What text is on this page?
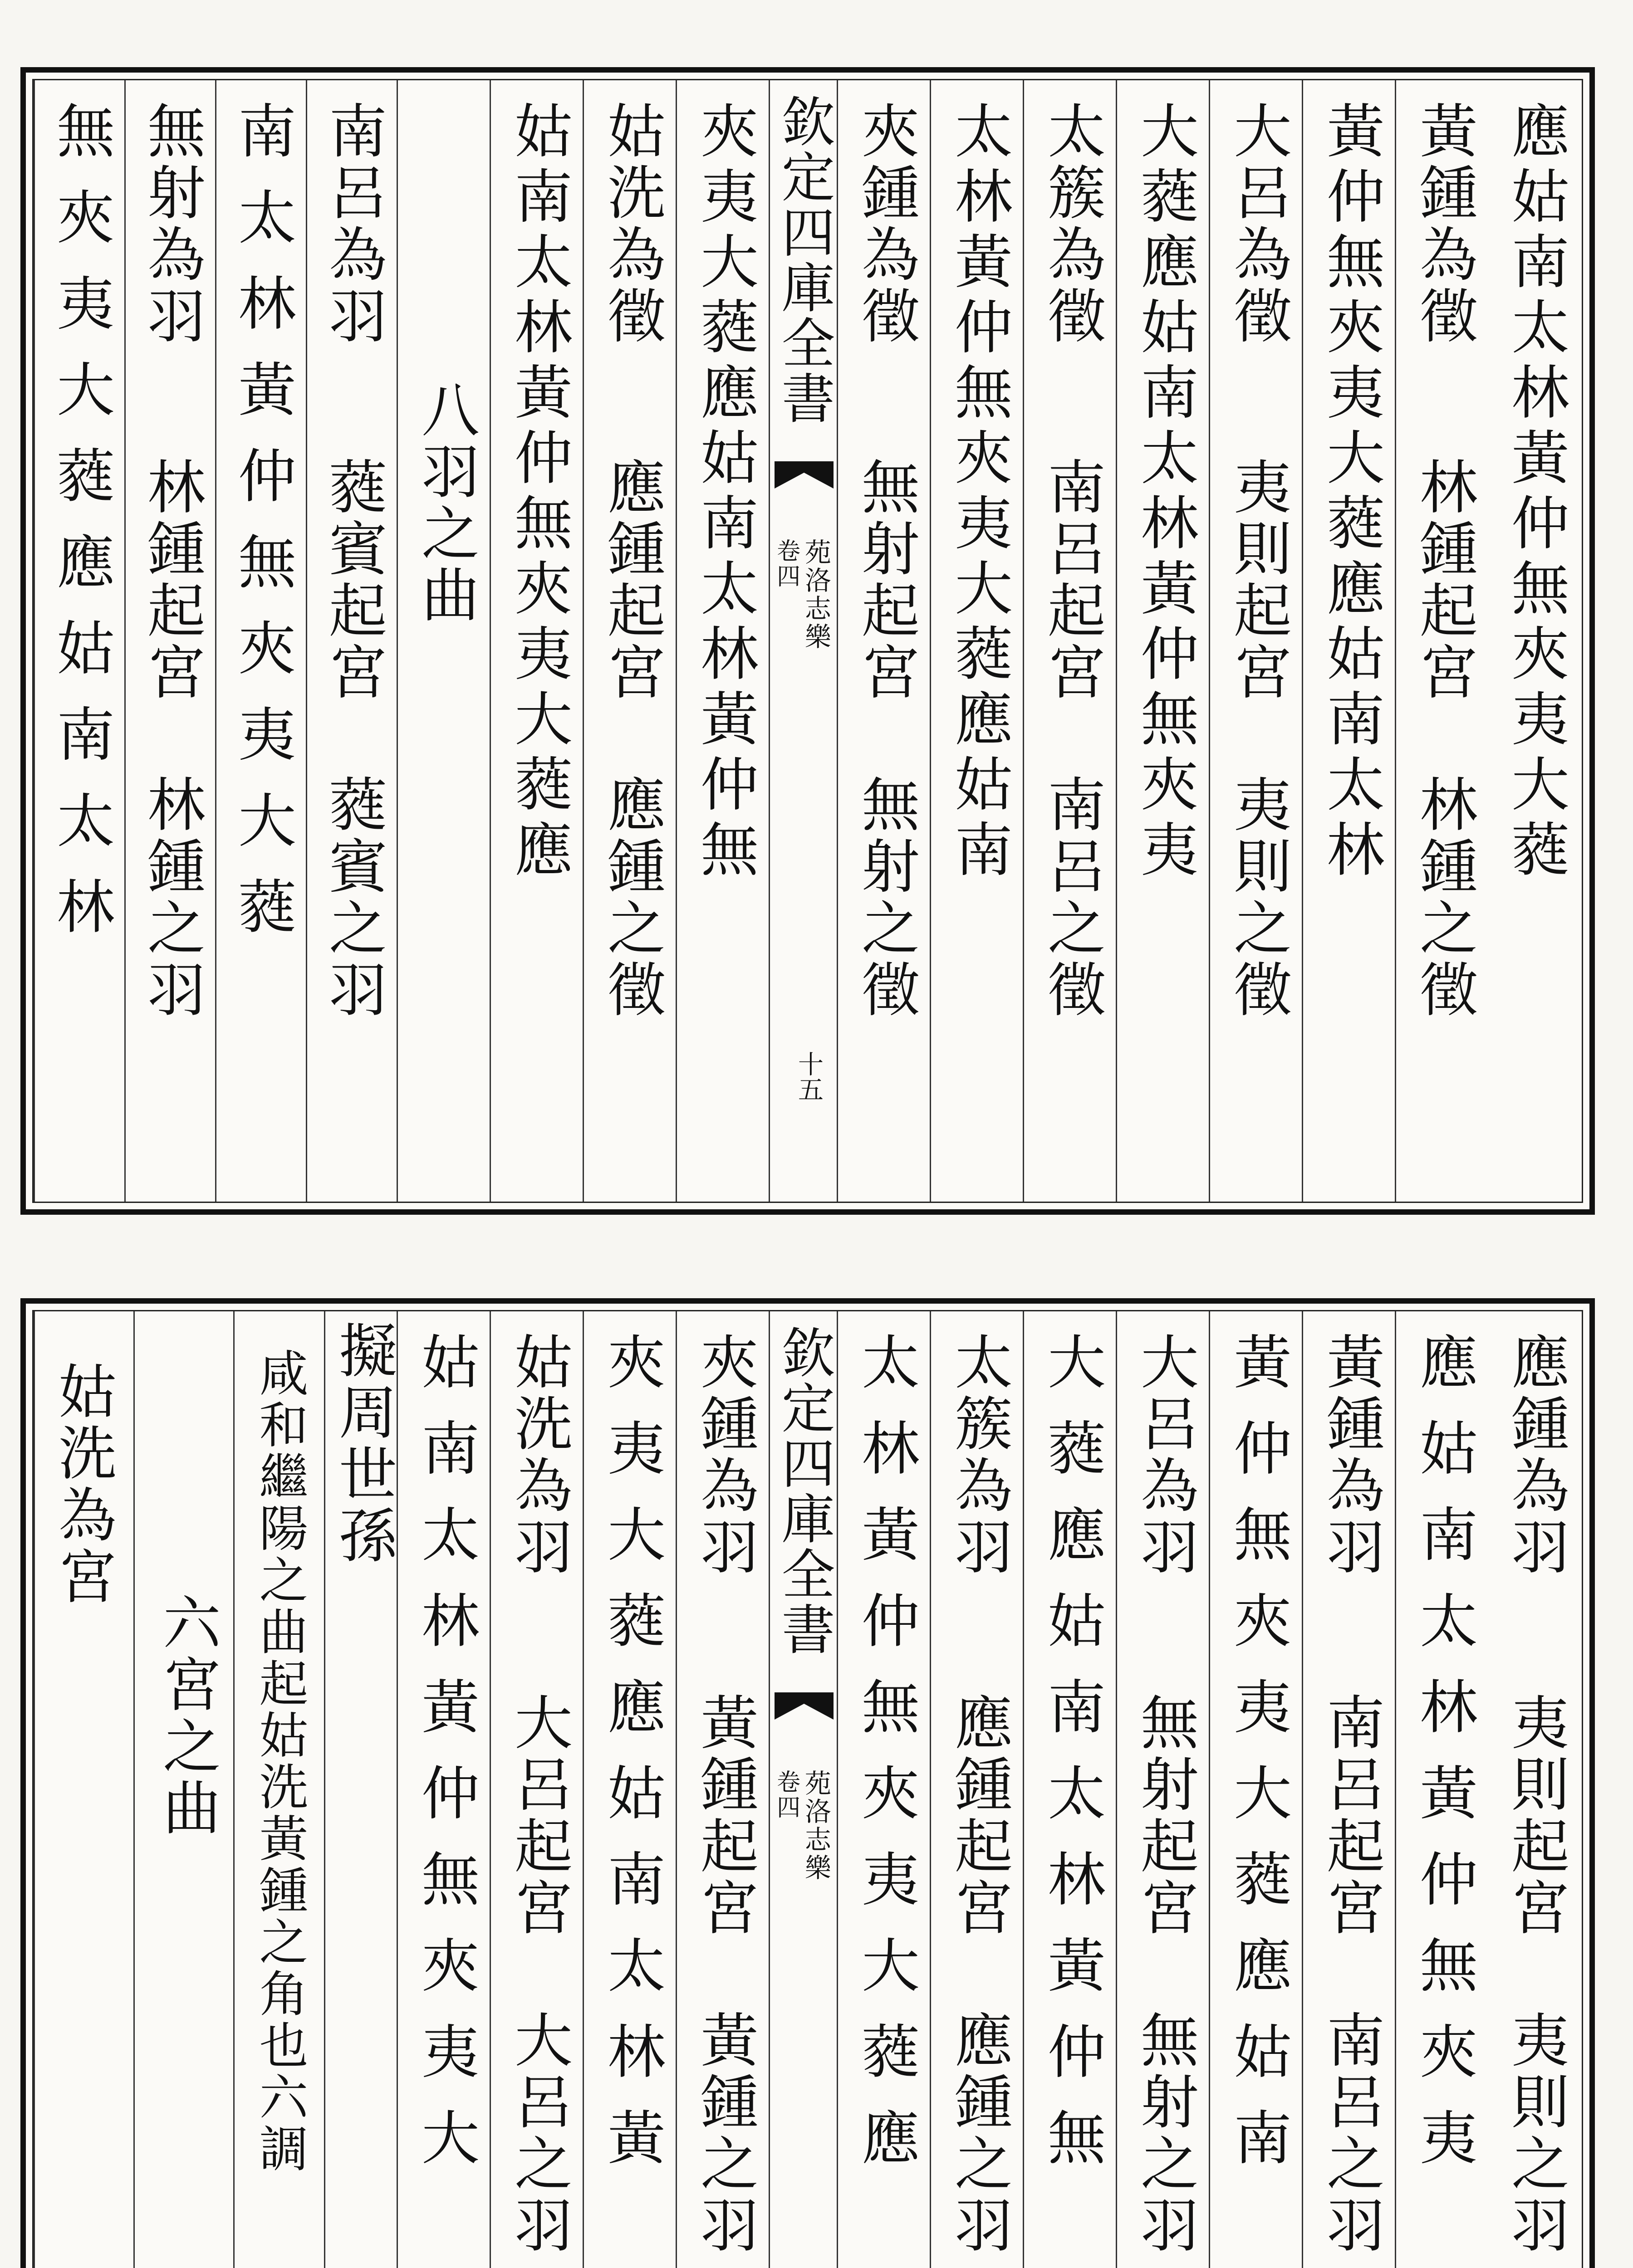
應姑南太林黃仲無夾夷大蕤
黃鍾為徵
林鍾起宮
林鍾之徵
黃仲無夾夷大蕤應姑南太林
大呂為徵
夷則起宮
夷則之徵
大蕤應姑南太林黃仲無夾夷
太簇為徵
南呂起宮
南呂之徵
太林黃仲無夾夷大蕤應姑南
夾鍾為徵
無射起宮
無射之徵
欽定四庫全書
苑洛志樂
卷四
十五
夾夷大蕤應姑南太林黃仲無
姑洗為徵
應鍾起宮
應鍾之徵
姑南太林黃仲無夾夷大蕤應
八羽之曲
南呂為羽
蕤賓起宮
蕤賓之羽
南太林黃仲無夾夷大蕤
無射為羽
林鍾起宮
林鍾之羽
無夾夷大蕤應姑南太林
應鍾為羽
夷則起宮
夷則之羽
應姑南太林黃仲無夾夷
黃鍾為羽
南呂起宮
南呂之羽
黃仲無夾夷大蕤應姑南
大呂為羽
無射起宮
無射之羽
大蕤應姑南太林黃仲無
太簇為羽
應鍾起宮
應鍾之羽
太林黃仲無夾夷大蕤應
欽定四庫全書
苑洛志樂
卷四
夾鍾為羽
黃鍾起宮
黃鍾之羽
夾夷大蕤應姑南太林黃
姑洗為羽
大呂起宮
大呂之羽
姑南太林黃仲無夾夷大
擬周世孫
咸和繼陽之曲起姑洗黃鍾之角也六調
六宮之曲
姑洗為宮
